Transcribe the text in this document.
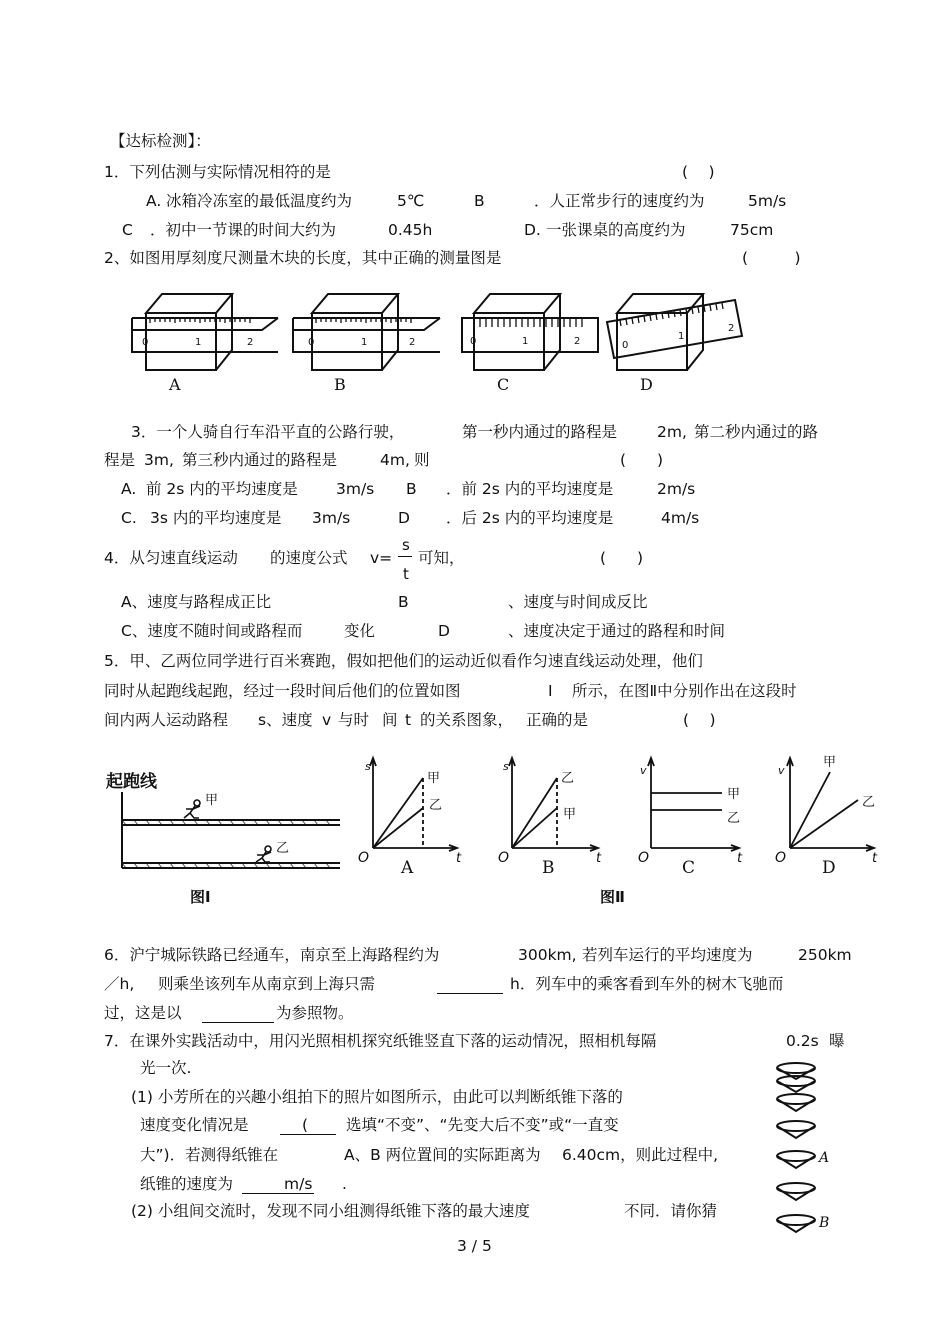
【达标检测】：
1．下列估测与实际情况相符的是	(　 )
A. 冰箱冷冻室的最低温度约为	5℃	B	．人正常步行的速度约为	5m/s
C ．初中一节课的时间大约为	0.45h	D. 一张课桌的高度约为	75cm
2、如图用厚刻度尺测量木块的长度，其中正确的测量图是	(　　　)
0	1	2	0	1	2	0	1	2	0
1
2
A	B	C	D
3．一个人骑自行车沿平直的公路行驶，	第一秒内通过的路程是	2m, 第二秒内通过的路
程是 3m, 第三秒内通过的路程是	4m, 则	(　　)
A. 前 2s 内的平均速度是 3m/s B ．前 2s 内的平均速度是	2m/s
C. 3s 内的平均速度是 3m/s	D ．后 2s 内的平均速度是	4m/s
4．从匀速直线运动 的速度公式 v=
s
t
可知，	(　　)
A、速度与路程成正比	B	、速度与时间成反比
C、速度不随时间或路程而	变化	D	、速度决定于通过的路程和时间
5．甲、乙两位同学进行百米赛跑，假如把他们的运动近似看作匀速直线运动处理，他们
同时从起跑线起跑，经过一段时间后他们的位置如图	I 所示，在图Ⅱ中分别作出在这段时
间内两人运动路程 s、速度 v 与时 间 t 的关系图象， 正确的是	(　 )
起跑线
甲
乙
图Ⅰ
s
甲
乙
t
O A
s
乙
甲
t
O B
v
甲
乙
t
O C
v
甲
乙
t
O D
图Ⅱ
6．沪宁城际铁路已经通车，南京至上海路程约为	300km, 若列车运行的平均速度为	250km
／h, 则乘坐该列车从南京到上海只需	h．列车中的乘客看到车外的树木飞驰而
过，这是以	为参照物。
7．在课外实践活动中，用闪光照相机探究纸锥竖直下落的运动情况，照相机每隔	0.2s 曝
光一次.
(1) 小芳所在的兴趣小组拍下的照片如图所示，由此可以判断纸锥下落的
速度变化情况是	( 选填“不变”、“先变大后不变”或“一直变
大”)．若测得纸锥在	A、B 两位置间的实际距离为 6.40cm，则此过程中,
纸锥的速度为	m/s .
(2) 小组间交流时，发现不同小组测得纸锥下落的最大速度	不同．请你猜
A
B
3 / 5
